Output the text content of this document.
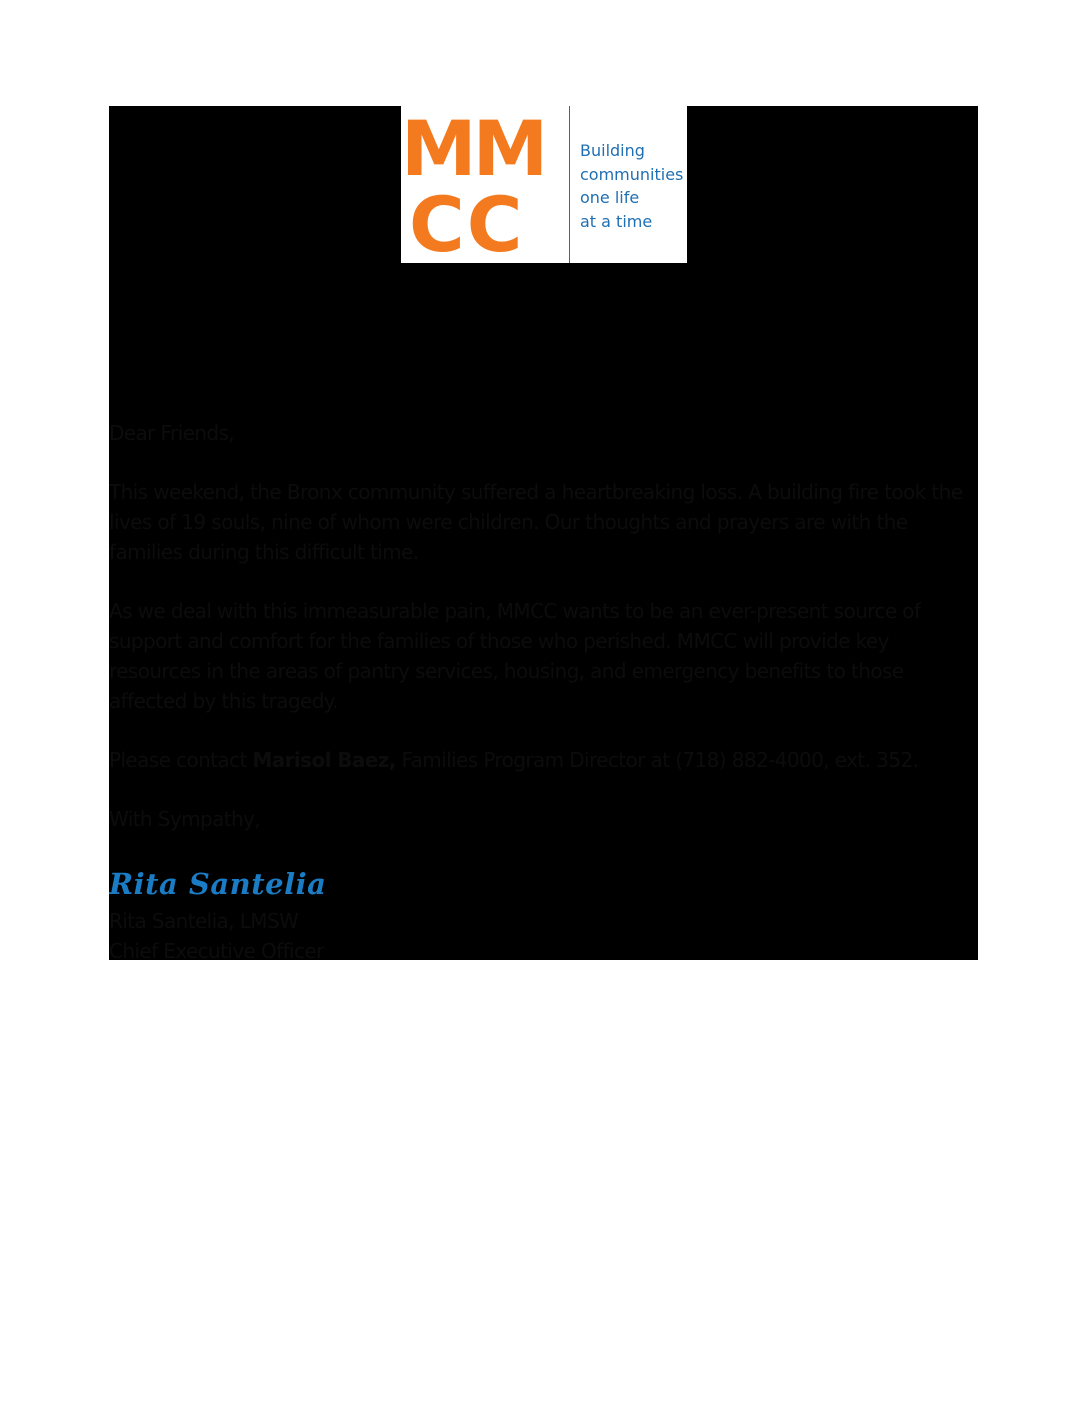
MM
CC
Building
communities
one life
at a time

Dear Friends,

This weekend, the Bronx community suffered a heartbreaking loss. A building fire took the lives of 19 souls, nine of whom were children. Our thoughts and prayers are with the families during this difficult time.

As we deal with this immeasurable pain, MMCC wants to be an ever-present source of support and comfort for the families of those who perished. MMCC will provide key resources in the areas of pantry services, housing, and emergency benefits to those affected by this tragedy.

Please contact Marisol Baez, Families Program Director at (718) 882-4000, ext. 352.

With Sympathy,

Rita Santelia
Rita Santelia, LMSW
Chief Executive Officer
